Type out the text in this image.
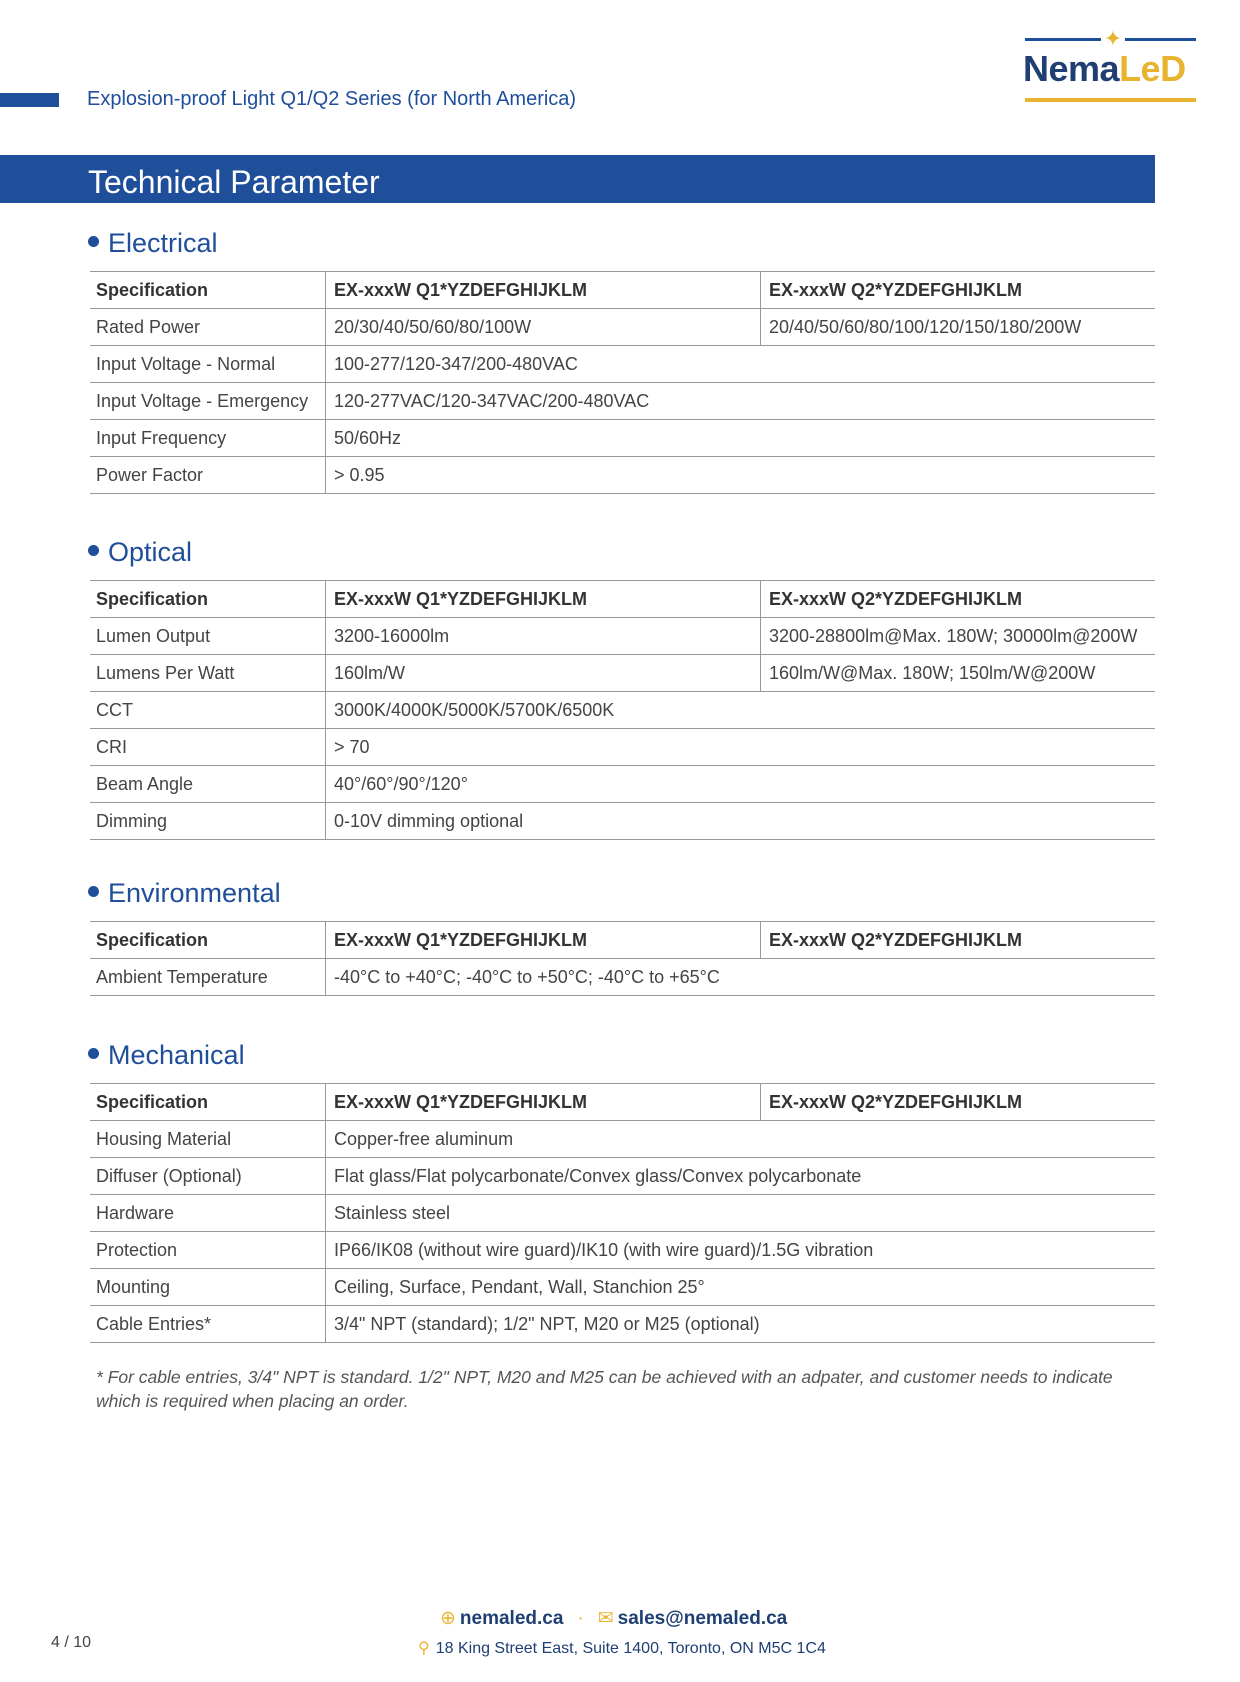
Explosion-proof Light Q1/Q2 Series (for North America)
✦
NemaLeD
Technical Parameter
Electrical
Specification	EX-xxxW Q1*YZDEFGHIJKLM	EX-xxxW Q2*YZDEFGHIJKLM
Rated Power	20/30/40/50/60/80/100W	20/40/50/60/80/100/120/150/180/200W
Input Voltage - Normal	100-277/120-347/200-480VAC	
Input Voltage - Emergency	120-277VAC/120-347VAC/200-480VAC	
Input Frequency	50/60Hz	
Power Factor	> 0.95	
Optical
Specification	EX-xxxW Q1*YZDEFGHIJKLM	EX-xxxW Q2*YZDEFGHIJKLM
Lumen Output	3200-16000lm	3200-28800lm@Max. 180W; 30000lm@200W
Lumens Per Watt	160lm/W	160lm/W@Max. 180W; 150lm/W@200W
CCT	3000K/4000K/5000K/5700K/6500K	
CRI	> 70	
Beam Angle	40°/60°/90°/120°	
Dimming	0-10V dimming optional	
Environmental
Specification	EX-xxxW Q1*YZDEFGHIJKLM	EX-xxxW Q2*YZDEFGHIJKLM
Ambient Temperature	-40°C to +40°C; -40°C to +50°C; -40°C to +65°C	
Mechanical
Specification	EX-xxxW Q1*YZDEFGHIJKLM	EX-xxxW Q2*YZDEFGHIJKLM
Housing Material	Copper-free aluminum	
Diffuser (Optional)	Flat glass/Flat polycarbonate/Convex glass/Convex polycarbonate	
Hardware	Stainless steel	
Protection	IP66/IK08 (without wire guard)/IK10 (with wire guard)/1.5G vibration	
Mounting	Ceiling, Surface, Pendant, Wall, Stanchion 25°	
Cable Entries*	3/4" NPT (standard); 1/2" NPT, M20 or M25 (optional)	
* For cable entries, 3/4" NPT is standard. 1/2" NPT, M20 and M25 can be achieved with an adpater, and customer needs to indicate which is required when placing an order.
4 / 10
⊕ nemaled.ca · ✉ sales@nemaled.ca
⚲ 18 King Street East, Suite 1400, Toronto, ON M5C 1C4
